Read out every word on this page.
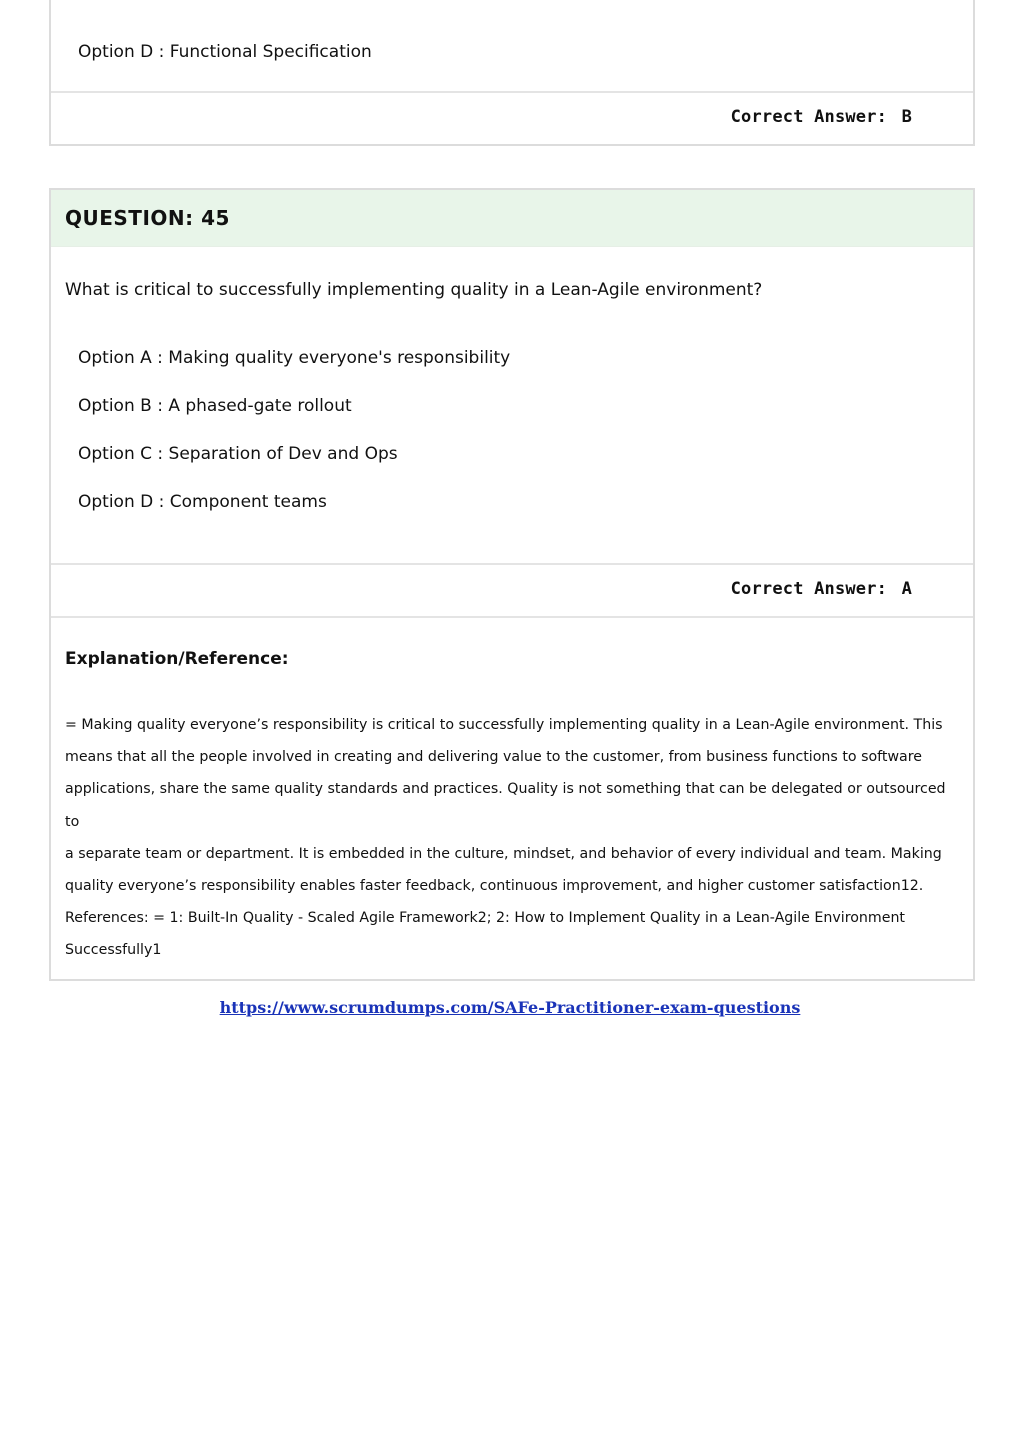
Option D : Functional Specification
Correct Answer: B
QUESTION: 45
What is critical to successfully implementing quality in a Lean-Agile environment?
Option A : Making quality everyone's responsibility
Option B : A phased-gate rollout
Option C : Separation of Dev and Ops
Option D : Component teams
Correct Answer: A
Explanation/Reference:

= Making quality everyone’s responsibility is critical to successfully implementing quality in a Lean-Agile environment. This

means that all the people involved in creating and delivering value to the customer, from business functions to software

applications, share the same quality standards and practices. Quality is not something that can be delegated or outsourced to

a separate team or department. It is embedded in the culture, mindset, and behavior of every individual and team. Making

quality everyone’s responsibility enables faster feedback, continuous improvement, and higher customer satisfaction12.

References: = 1: Built-In Quality - Scaled Agile Framework2; 2: How to Implement Quality in a Lean-Agile Environment

Successfully1

https://www.scrumdumps.com/SAFe-Practitioner-exam-questions
